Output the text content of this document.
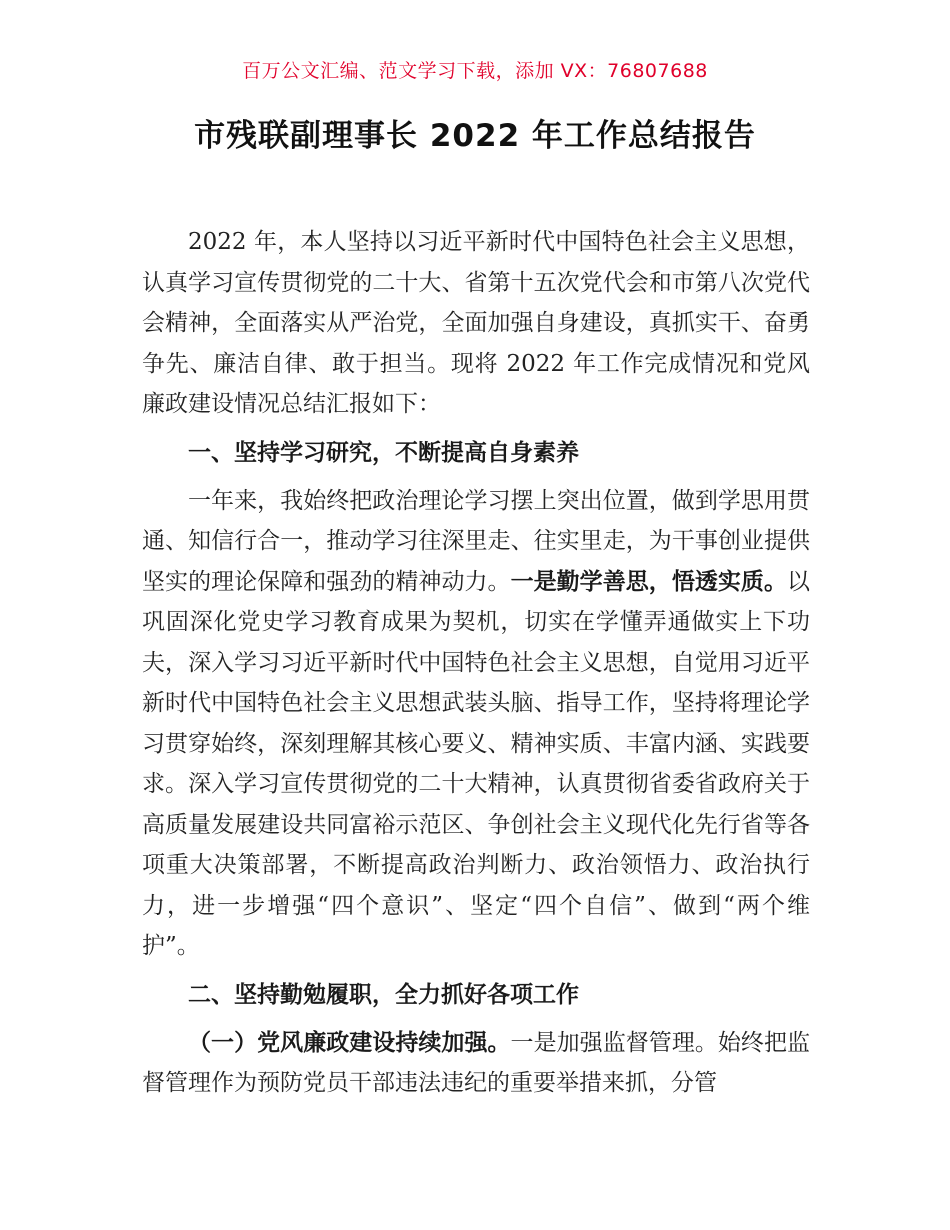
百万公文汇编、范文学习下载，添加 VX：76807688
市残联副理事长 2022 年工作总结报告

2022 年，本人坚持以习近平新时代中国特色社会主义思想，认真学习宣传贯彻党的二十大、省第十五次党代会和市第八次党代会精神，全面落实从严治党，全面加强自身建设，真抓实干、奋勇争先、廉洁自律、敢于担当。现将 2022 年工作完成情况和党风廉政建设情况总结汇报如下：

一、坚持学习研究，不断提高自身素养

一年来，我始终把政治理论学习摆上突出位置，做到学思用贯通、知信行合一，推动学习往深里走、往实里走，为干事创业提供坚实的理论保障和强劲的精神动力。一是勤学善思，悟透实质。以巩固深化党史学习教育成果为契机，切实在学懂弄通做实上下功夫，深入学习习近平新时代中国特色社会主义思想，自觉用习近平新时代中国特色社会主义思想武装头脑、指导工作，坚持将理论学习贯穿始终，深刻理解其核心要义、精神实质、丰富内涵、实践要求。深入学习宣传贯彻党的二十大精神，认真贯彻省委省政府关于高质量发展建设共同富裕示范区、争创社会主义现代化先行省等各项重大决策部署，不断提高政治判断力、政治领悟力、政治执行力，进一步增强“四个意识”、坚定“四个自信”、做到“两个维护”。

二、坚持勤勉履职，全力抓好各项工作

（一）党风廉政建设持续加强。一是加强监督管理。始终把监督管理作为预防党员干部违法违纪的重要举措来抓，分管
